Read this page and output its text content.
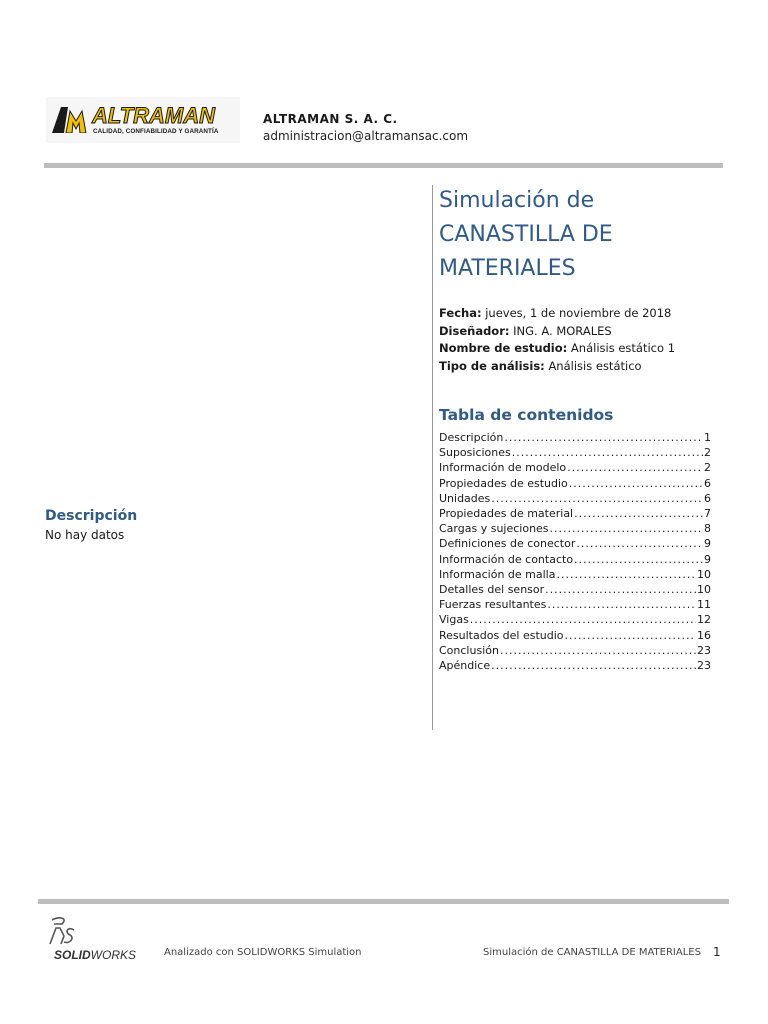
ALTRAMAN
CALIDAD, CONFIABILIDAD Y GARANTÍA
ALTRAMAN S. A. C.
administracion@altramansac.com
Simulación de
CANASTILLA DE
MATERIALES
Fecha: jueves, 1 de noviembre de 2018
Diseñador: ING. A. MORALES
Nombre de estudio: Análisis estático 1
Tipo de análisis: Análisis estático
Tabla de contenidos
Descripción .....	1
Suposiciones .....	2
Información de modelo .....	2
Propiedades de estudio .....	6
Unidades .....	6
Propiedades de material .....	7
Cargas y sujeciones .....	8
Definiciones de conector .....	9
Información de contacto .....	9
Información de malla .....	10
Detalles del sensor .....	10
Fuerzas resultantes .....	11
Vigas .....	12
Resultados del estudio .....	16
Conclusión .....	23
Apéndice .....	23
Descripción
No hay datos
SOLIDWORKS	Analizado con SOLIDWORKS Simulation	Simulación de CANASTILLA DE MATERIALES 1
